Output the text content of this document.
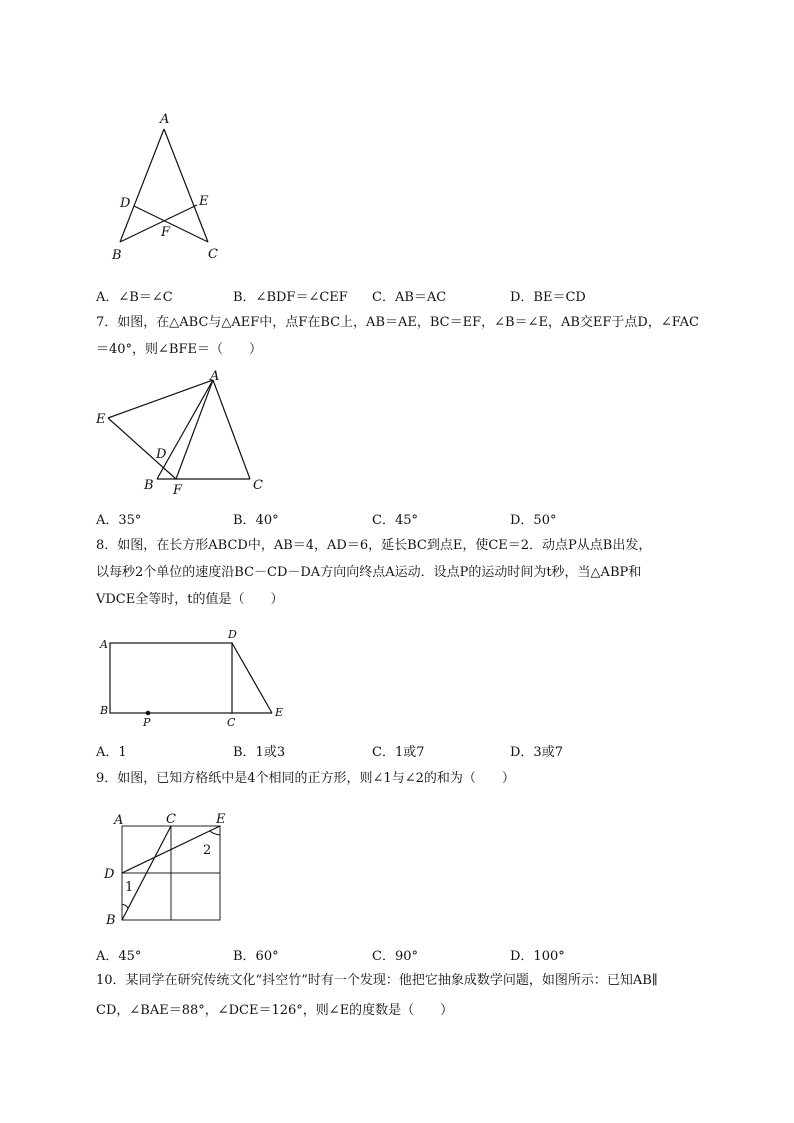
A
D	E
F
B	C
A．∠B＝∠C	B．∠BDF＝∠CEF C．AB＝AC	D．BE＝CD
7．如图，在△ABC与△AEF中，点F在BC上，AB＝AE，BC＝EF，∠B＝∠E，AB交EF于点D，∠FAC
＝40°，则∠BFE＝（　　）
A
E
D
B F	C
A．35°	B．40°	C．45°	D．50°
8．如图，在长方形ABCD中，AB＝4，AD＝6，延长BC到点E，使CE＝2．动点P从点B出发，
以每秒2个单位的速度沿BC－CD－DA方向向终点A运动．设点P的运动时间为t秒，当△ABP和
VDCE全等时，t的值是（　　）
A
D
B
P	C
E
A．1	B．1或3	C．1或7	D．3或7
9．如图，已知方格纸中是4个相同的正方形，则∠1与∠2的和为（　　）
A	C	E
2
D
1
B
A．45°	B．60°	C．90°	D．100°
10．某同学在研究传统文化“抖空竹”时有一个发现：他把它抽象成数学问题，如图所示：已知AB∥
CD，∠BAE＝88°，∠DCE＝126°，则∠E的度数是（　　）
